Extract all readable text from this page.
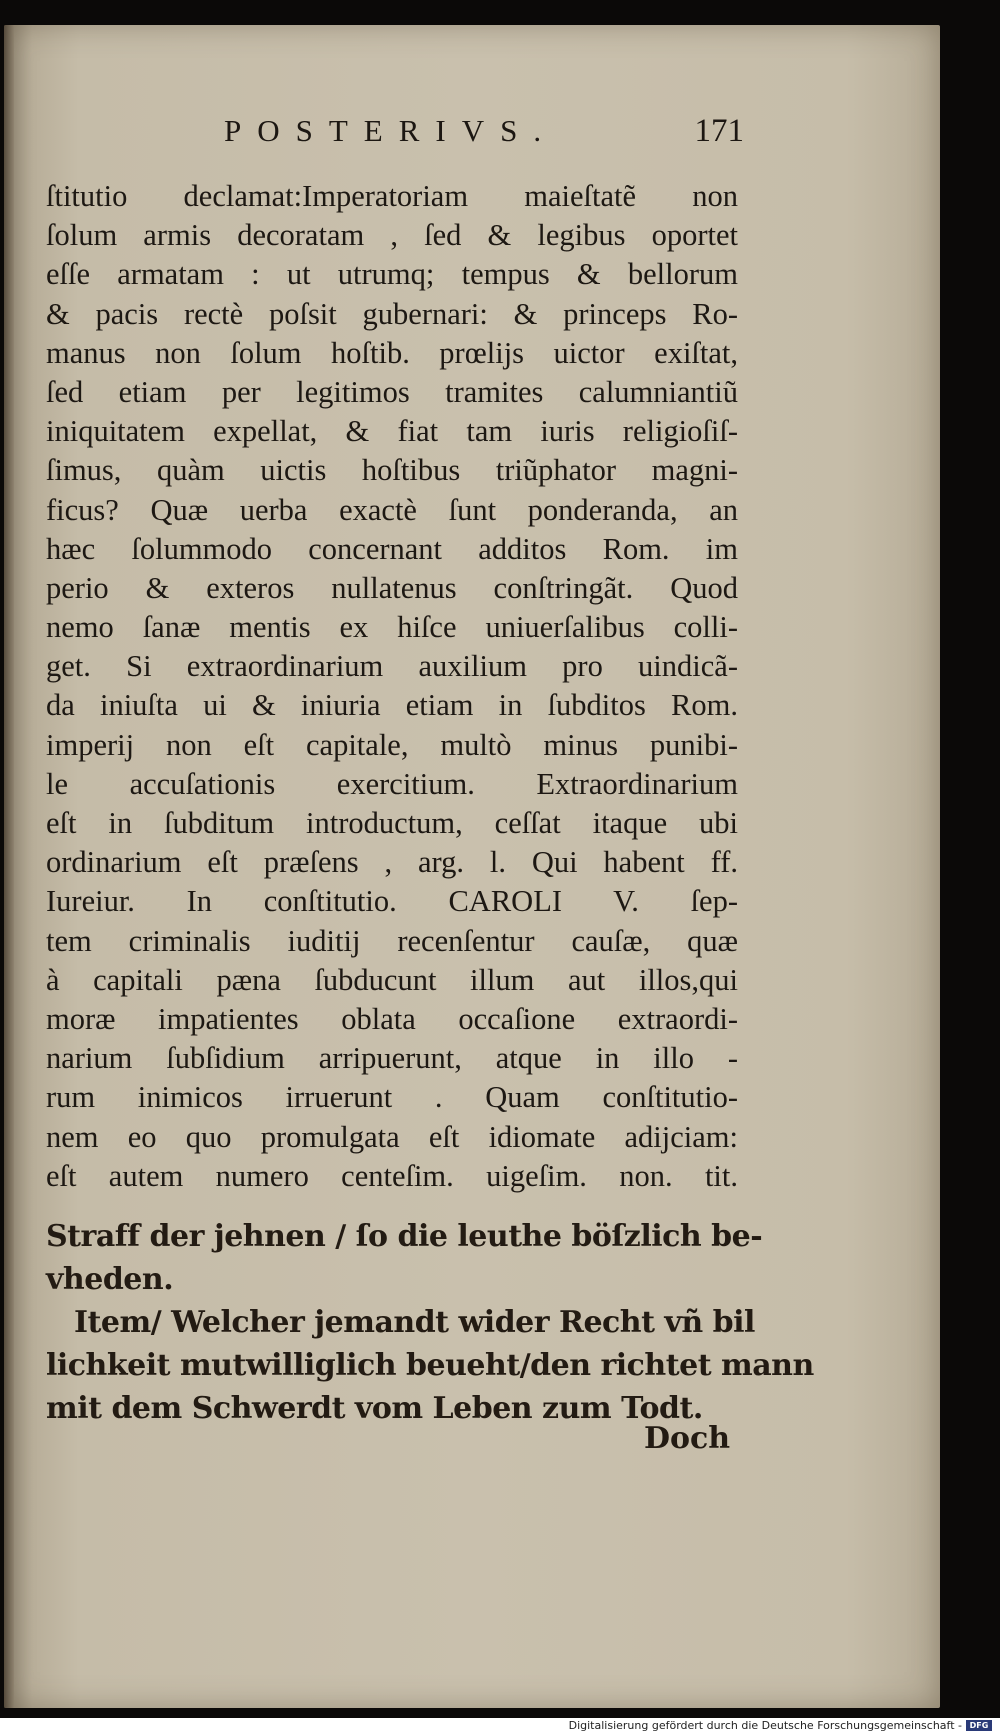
POSTERIVS.	171
ſtitutio declamat:Imperatoriam maieſtatẽ non
ſolum armis decoratam , ſed & legibus oportet
eſſe armatam : ut utrumq; tempus & bellorum
& pacis rectè poſsit gubernari: & princeps Ro-
manus non ſolum hoſtib. prœlijs uictor exiſtat,
ſed etiam per legitimos tramites calumniantiũ
iniquitatem expellat, & fiat tam iuris religioſiſ-
ſimus, quàm uictis hoſtibus triũphator magni-
ficus? Quæ uerba exactè ſunt ponderanda, an
hæc ſolummodo concernant additos Rom. im
perio & exteros nullatenus conſtringãt. Quod
nemo ſanæ mentis ex hiſce uniuerſalibus colli-
get. Si extraordinarium auxilium pro uindicã-
da iniuſta ui & iniuria etiam in ſubditos Rom.
imperij non eſt capitale, multò minus punibi-
le accuſationis exercitium. Extraordinarium
eſt in ſubditum introductum, ceſſat itaque ubi
ordinarium eſt præſens , arg. l. Qui habent ff.
Iureiur. In conſtitutio. CAROLI V. ſep-
tem criminalis iuditij recenſentur cauſæ, quæ
à capitali pæna ſubducunt illum aut illos,qui
moræ impatientes oblata occaſione extraordi-
narium ſubſidium arripuerunt, atque in illo -
rum inimicos irruerunt . Quam conſtitutio-
nem eo quo promulgata eſt idiomate adijciam:
eſt autem numero centeſim. uigeſim. non. tit.
Straff der jehnen / ſo die leuthe böſzlich be-
vheden.
Item/ Welcher jemandt wider Recht vñ bil
lichkeit mutwilliglich beueht/den richtet mann
mit dem Schwerdt vom Leben zum Todt.
Doch
Digitalisierung gefördert durch die Deutsche Forschungsgemeinschaft - DFG
